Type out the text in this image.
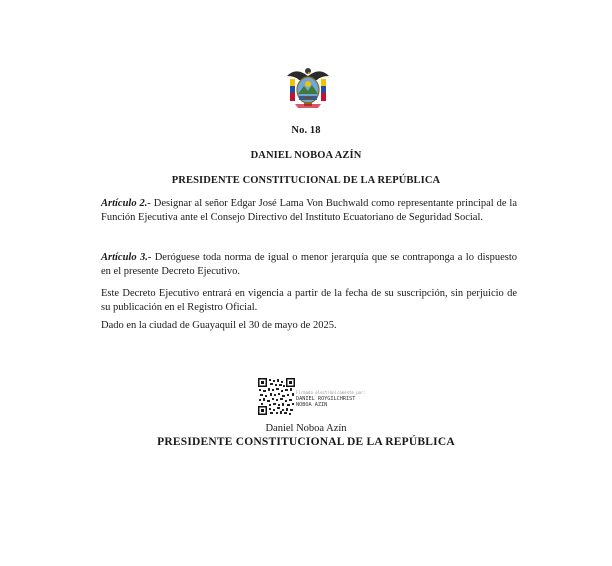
No. 18
DANIEL NOBOA AZÍN
PRESIDENTE CONSTITUCIONAL DE LA REPÚBLICA
Artículo 2.- Designar al señor Edgar José Lama Von Buchwald como representante principal de la Función Ejecutiva ante el Consejo Directivo del Instituto Ecuatoriano de Seguridad Social.
Artículo 3.- Deróguese toda norma de igual o menor jerarquía que se contraponga a lo dispuesto en el presente Decreto Ejecutivo.
Este Decreto Ejecutivo entrará en vigencia a partir de la fecha de su suscripción, sin perjuicio de su publicación en el Registro Oficial.
Dado en la ciudad de Guayaquil el 30 de mayo de 2025.
Firmado electrónicamente por:
DANIEL ROYGILCHRIST
NOBOA AZIN
Daniel Noboa Azín
PRESIDENTE CONSTITUCIONAL DE LA REPÚBLICA
